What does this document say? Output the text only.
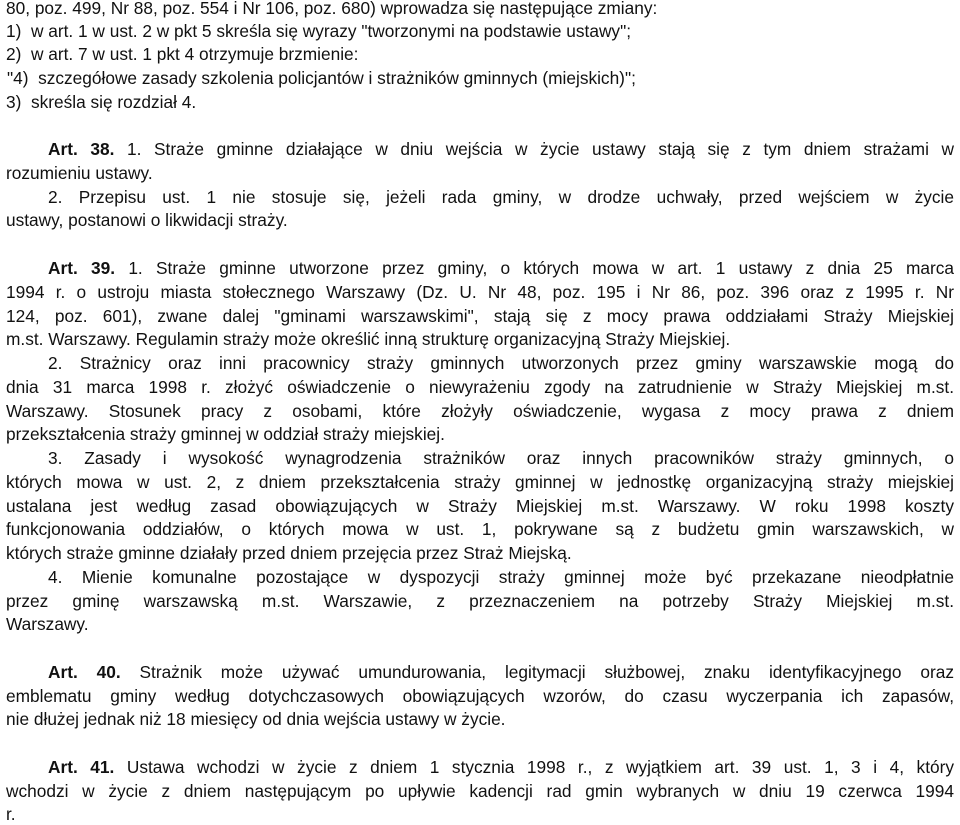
80, poz. 499, Nr 88, poz. 554 i Nr 106, poz. 680) wprowadza się następujące zmiany:
1)  w art. 1 w ust. 2 w pkt 5 skreśla się wyrazy "tworzonymi na podstawie ustawy";
2)  w art. 7 w ust. 1 pkt 4 otrzymuje brzmienie:
"4)  szczegółowe zasady szkolenia policjantów i strażników gminnych (miejskich)";
3)  skreśla się rozdział 4.
Art. 38. 1. Straże gminne działające w dniu wejścia w życie ustawy stają się z tym dniem strażami w
rozumieniu ustawy.
2. Przepisu ust. 1 nie stosuje się, jeżeli rada gminy, w drodze uchwały, przed wejściem w życie
ustawy, postanowi o likwidacji straży.
Art. 39. 1. Straże gminne utworzone przez gminy, o których mowa w art. 1 ustawy z dnia 25 marca
1994 r. o ustroju miasta stołecznego Warszawy (Dz. U. Nr 48, poz. 195 i Nr 86, poz. 396 oraz z 1995 r. Nr
124, poz. 601), zwane dalej "gminami warszawskimi", stają się z mocy prawa oddziałami Straży Miejskiej
m.st. Warszawy. Regulamin straży może określić inną strukturę organizacyjną Straży Miejskiej.
2. Strażnicy oraz inni pracownicy straży gminnych utworzonych przez gminy warszawskie mogą do
dnia 31 marca 1998 r. złożyć oświadczenie o niewyrażeniu zgody na zatrudnienie w Straży Miejskiej m.st.
Warszawy. Stosunek pracy z osobami, które złożyły oświadczenie, wygasa z mocy prawa z dniem
przekształcenia straży gminnej w oddział straży miejskiej.
3. Zasady i wysokość wynagrodzenia strażników oraz innych pracowników straży gminnych, o
których mowa w ust. 2, z dniem przekształcenia straży gminnej w jednostkę organizacyjną straży miejskiej
ustalana jest według zasad obowiązujących w Straży Miejskiej m.st. Warszawy. W roku 1998 koszty
funkcjonowania oddziałów, o których mowa w ust. 1, pokrywane są z budżetu gmin warszawskich, w
których straże gminne działały przed dniem przejęcia przez Straż Miejską.
4. Mienie komunalne pozostające w dyspozycji straży gminnej może być przekazane nieodpłatnie
przez gminę warszawską m.st. Warszawie, z przeznaczeniem na potrzeby Straży Miejskiej m.st.
Warszawy.
Art. 40. Strażnik może używać umundurowania, legitymacji służbowej, znaku identyfikacyjnego oraz
emblematu gminy według dotychczasowych obowiązujących wzorów, do czasu wyczerpania ich zapasów,
nie dłużej jednak niż 18 miesięcy od dnia wejścia ustawy w życie.
Art. 41. Ustawa wchodzi w życie z dniem 1 stycznia 1998 r., z wyjątkiem art. 39 ust. 1, 3 i 4, który
wchodzi w życie z dniem następującym po upływie kadencji rad gmin wybranych w dniu 19 czerwca 1994
r.
